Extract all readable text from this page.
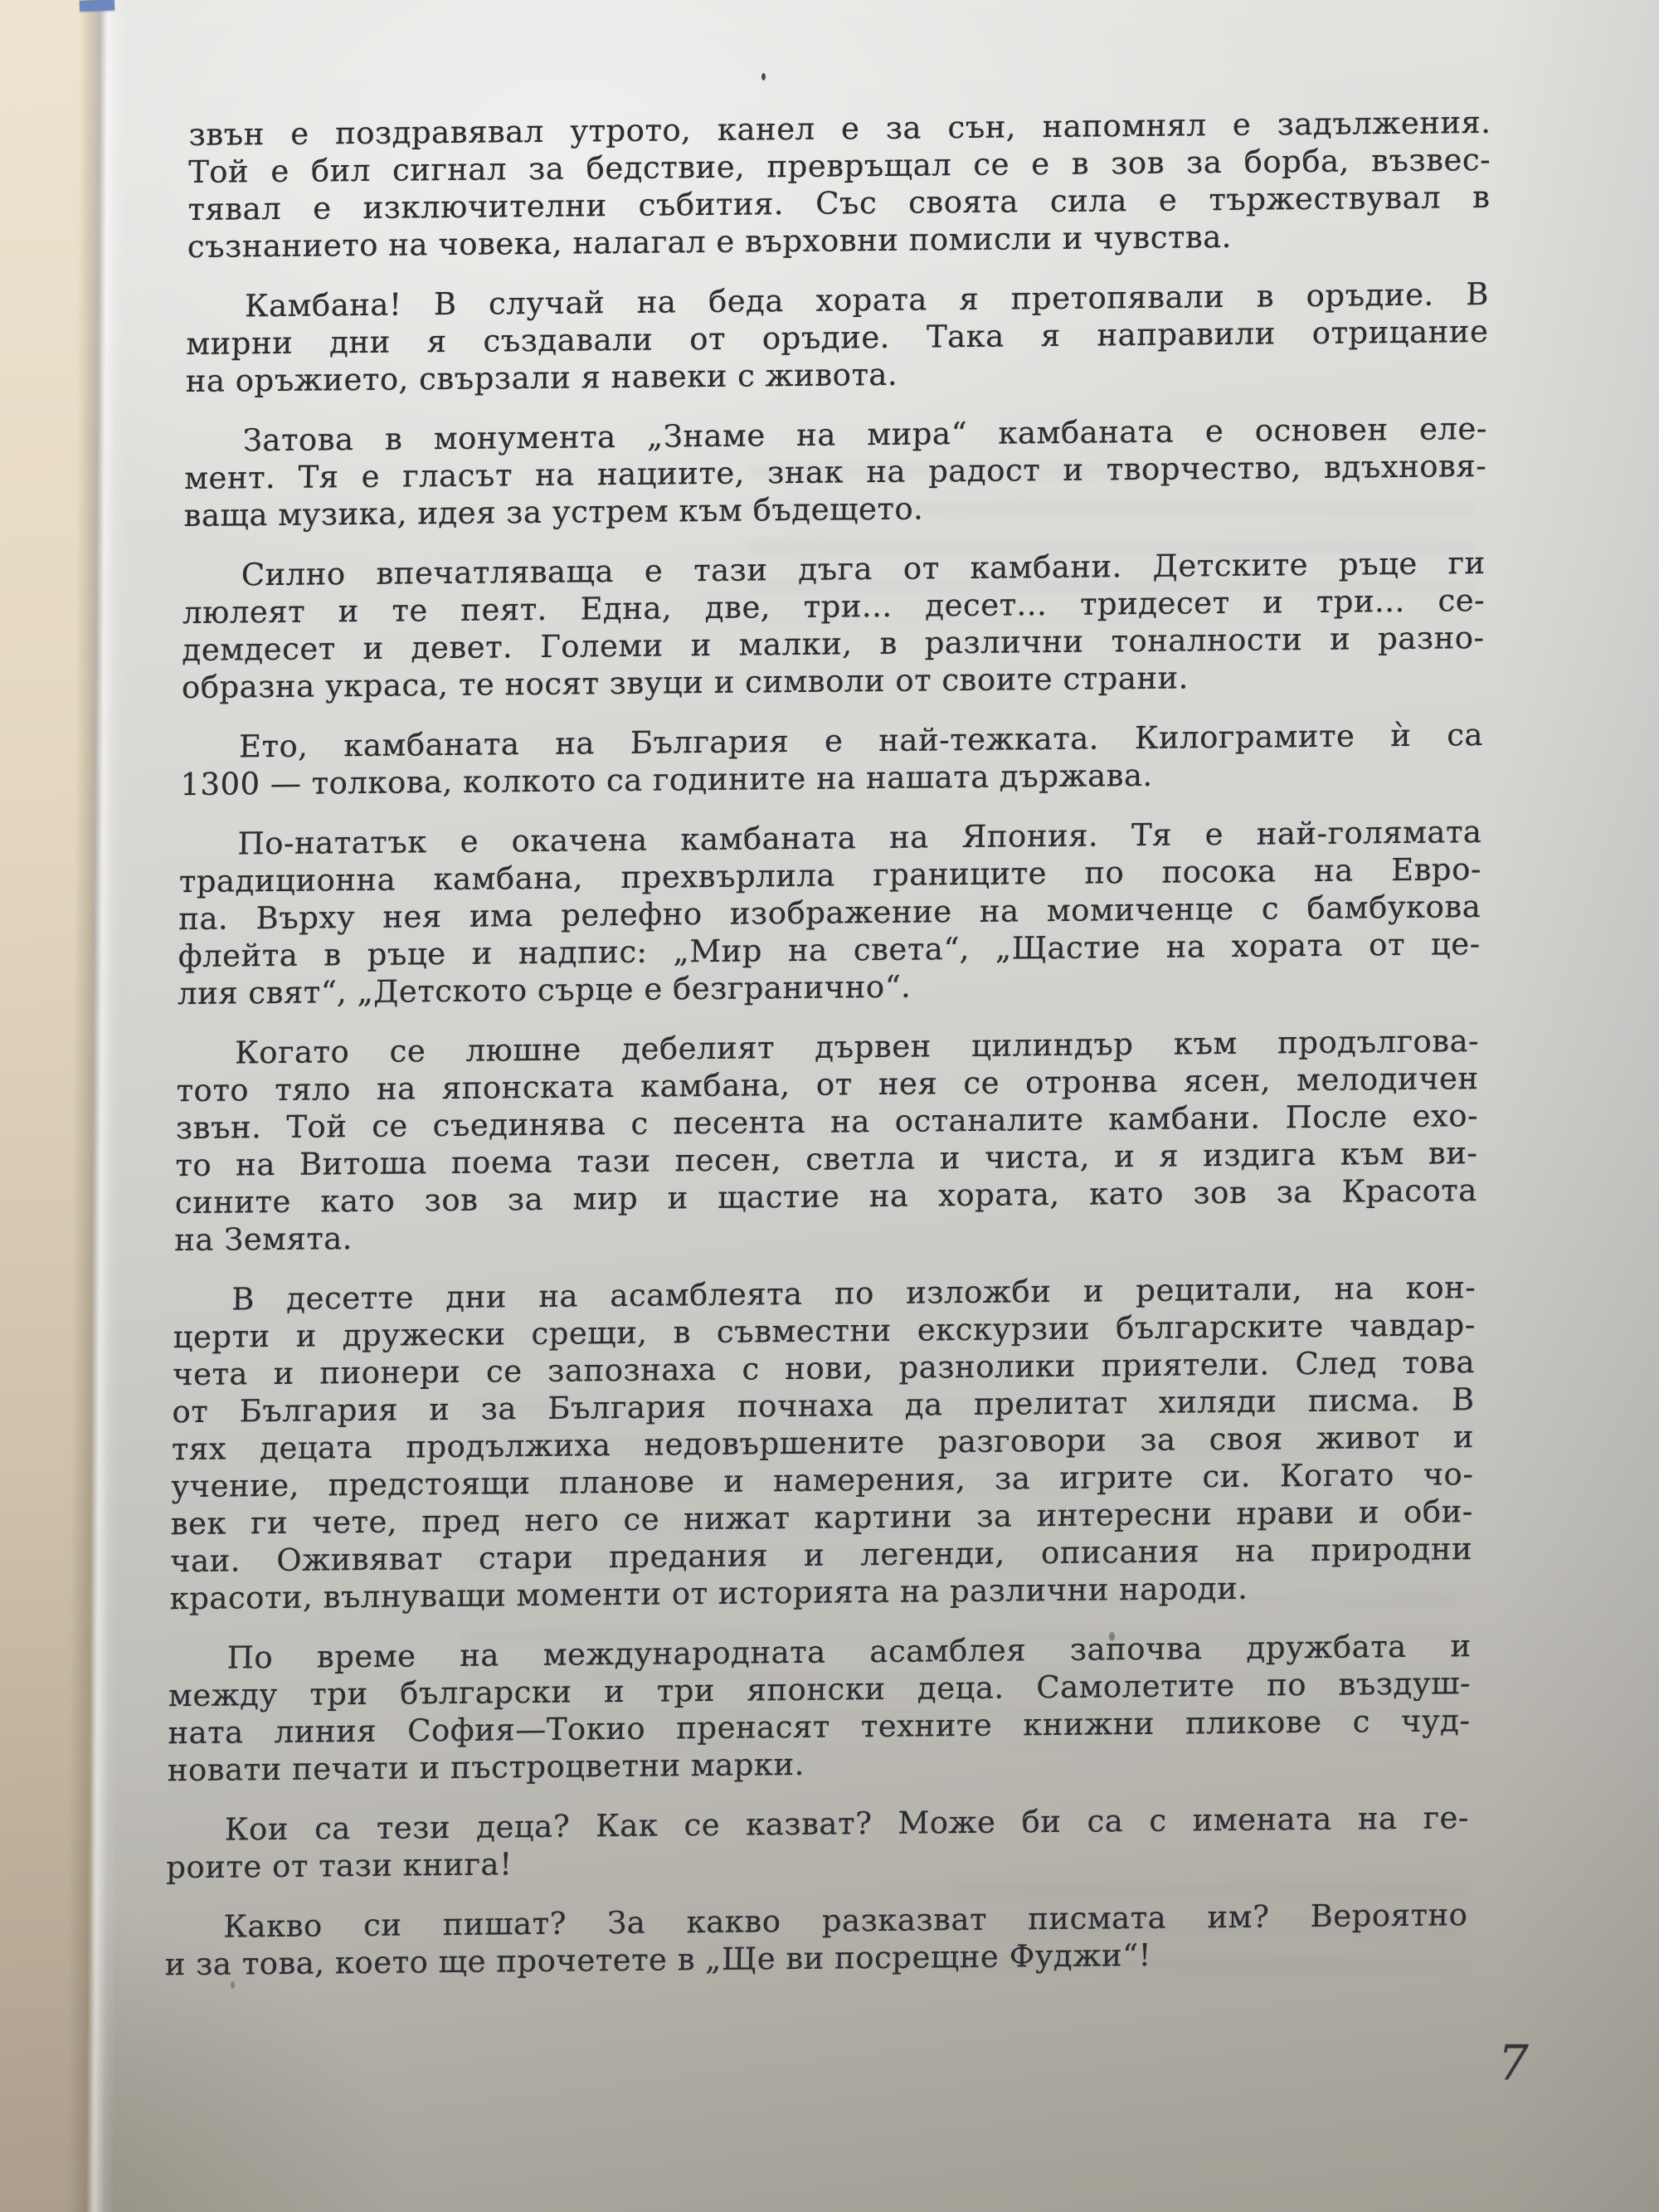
звън е поздравявал утрото, канел е за сън, напомнял е задължения.
Той е бил сигнал за бедствие, превръщал се е в зов за борба, възвес-
тявал е изключителни събития. Със своята сила е тържествувал в
съзнанието на човека, налагал е върховни помисли и чувства.
Камбана! В случай на беда хората я претопявали в оръдие. В
мирни дни я създавали от оръдие. Така я направили отрицание
на оръжието, свързали я навеки с живота.
Затова в монумента „Знаме на мира“ камбаната е основен еле-
мент. Тя е гласът на нациите, знак на радост и творчество, вдъхновя-
ваща музика, идея за устрем към бъдещето.
Силно впечатляваща е тази дъга от камбани. Детските ръце ги
люлеят и те пеят. Една, две, три... десет... тридесет и три... се-
демдесет и девет. Големи и малки, в различни тоналности и разно-
образна украса, те носят звуци и символи от своите страни.
Ето, камбаната на България е най-тежката. Килограмите ѝ са
1300 — толкова, колкото са годините на нашата държава.
По-нататък е окачена камбаната на Япония. Тя е най-голямата
традиционна камбана, прехвърлила границите по посока на Евро-
па. Върху нея има релефно изображение на момиченце с бамбукова
флейта в ръце и надпис: „Мир на света“, „Щастие на хората от це-
лия свят“, „Детското сърце е безгранично“.
Когато се люшне дебелият дървен цилиндър към продългова-
тото тяло на японската камбана, от нея се отронва ясен, мелодичен
звън. Той се съединява с песента на останалите камбани. После ехо-
то на Витоша поема тази песен, светла и чиста, и я издига към ви-
сините като зов за мир и щастие на хората, като зов за Красота
на Земята.
В десетте дни на асамблеята по изложби и рецитали, на кон-
церти и дружески срещи, в съвместни екскурзии българските чавдар-
чета и пионери се запознаха с нови, разнолики приятели. След това
от България и за България почнаха да прелитат хиляди писма. В
тях децата продължиха недовършените разговори за своя живот и
учение, предстоящи планове и намерения, за игрите си. Когато чо-
век ги чете, пред него се нижат картини за интересни нрави и оби-
чаи. Оживяват стари предания и легенди, описания на природни
красоти, вълнуващи моменти от историята на различни народи.
По време на международната асамблея започва дружбата и
между три български и три японски деца. Самолетите по въздуш-
ната линия София—Токио пренасят техните книжни пликове с чуд-
новати печати и пъстроцветни марки.
Кои са тези деца? Как се казват? Може би са с имената на ге-
роите от тази книга!
Какво си пишат? За какво разказват писмата им? Вероятно
и за това, което ще прочетете в „Ще ви посрещне Фуджи“!
7
